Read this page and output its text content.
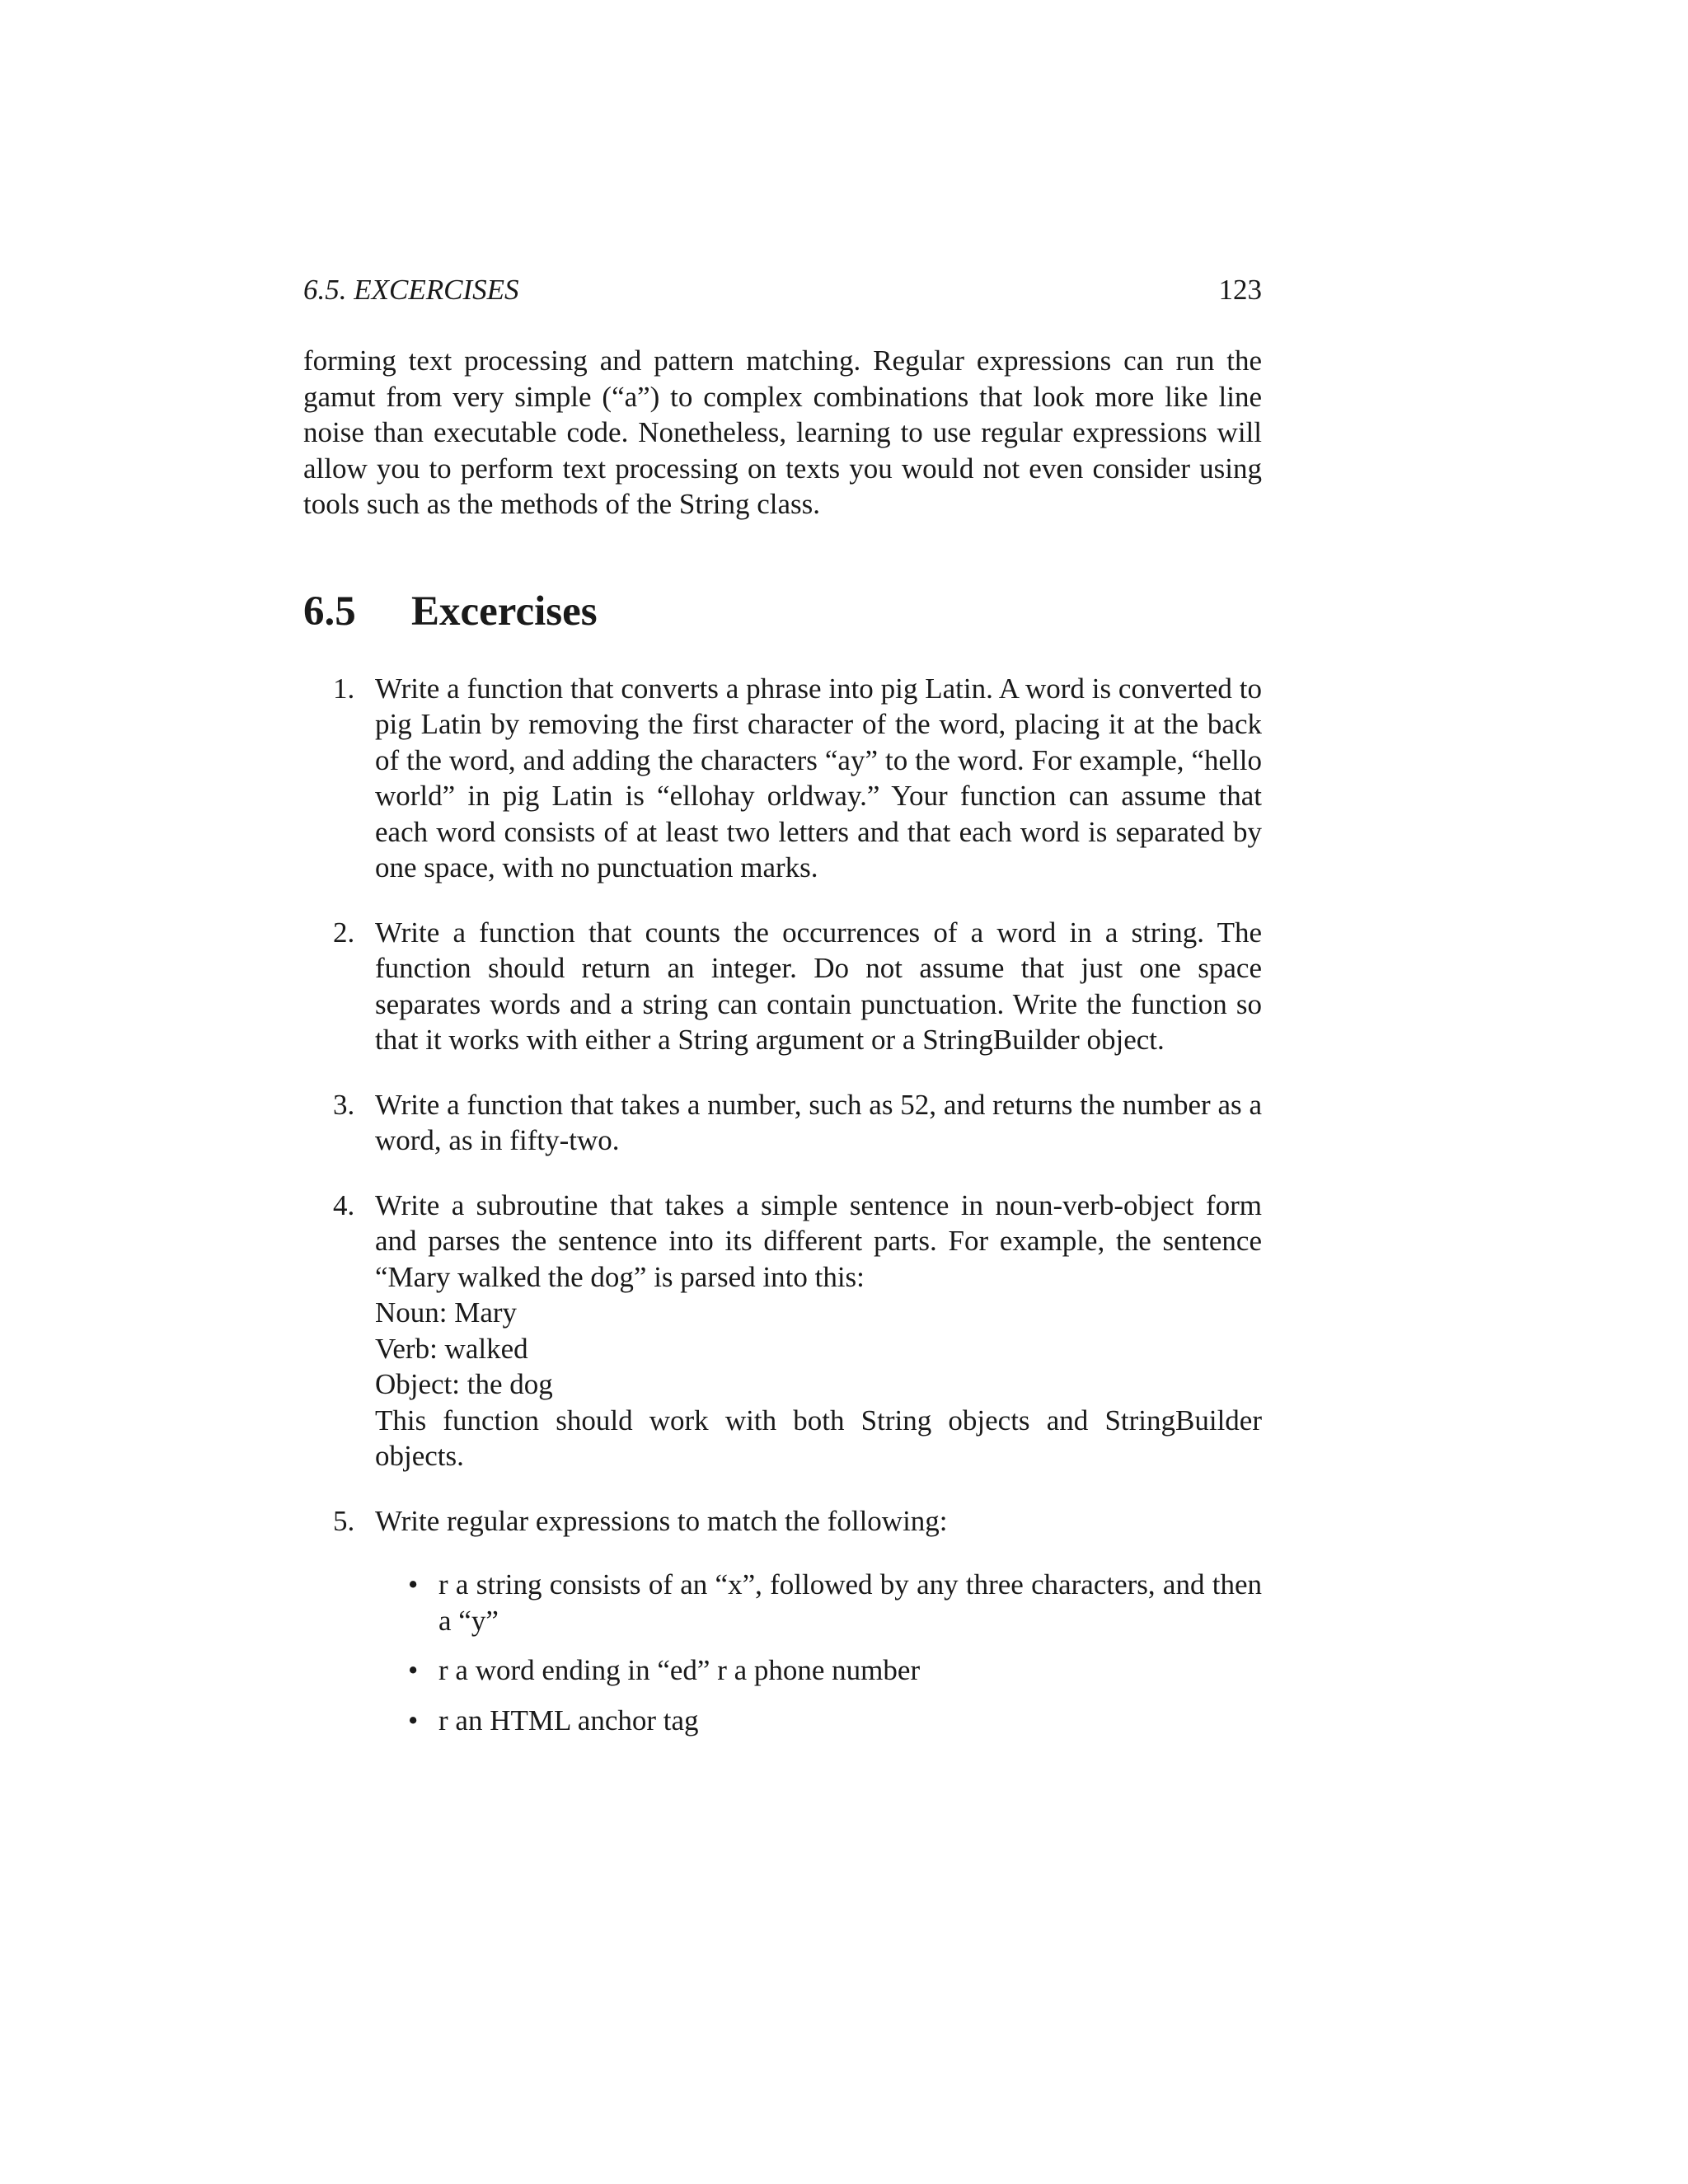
6.5. EXCERCISES	123

forming text processing and pattern matching. Regular expressions can run the gamut from very simple (“a”) to complex combinations that look more like line noise than executable code. Nonetheless, learning to use regular expressions will allow you to perform text processing on texts you would not even consider using tools such as the methods of the String class.

6.5	Excercises
1. Write a function that converts a phrase into pig Latin. A word is converted to pig Latin by removing the first character of the word, placing it at the back of the word, and adding the characters “ay” to the word. For example, “hello world” in pig Latin is “ellohay orldway.” Your function can assume that each word consists of at least two letters and that each word is separated by one space, with no punctuation marks.

2. Write a function that counts the occurrences of a word in a string. The function should return an integer. Do not assume that just one space separates words and a string can contain punctuation. Write the function so that it works with either a String argument or a StringBuilder object.

3. Write a function that takes a number, such as 52, and returns the number as a word, as in fifty-two.

4. Write a subroutine that takes a simple sentence in noun-verb-object form and parses the sentence into its different parts. For example, the sentence “Mary walked the dog” is parsed into this:

Noun: Mary
Verb: walked
Object: the dog

This function should work with both String objects and StringBuilder objects.

5. Write regular expressions to match the following:

• r a string consists of an “x”, followed by any three characters, and then a “y”
• r a word ending in “ed” r a phone number
• r an HTML anchor tag
